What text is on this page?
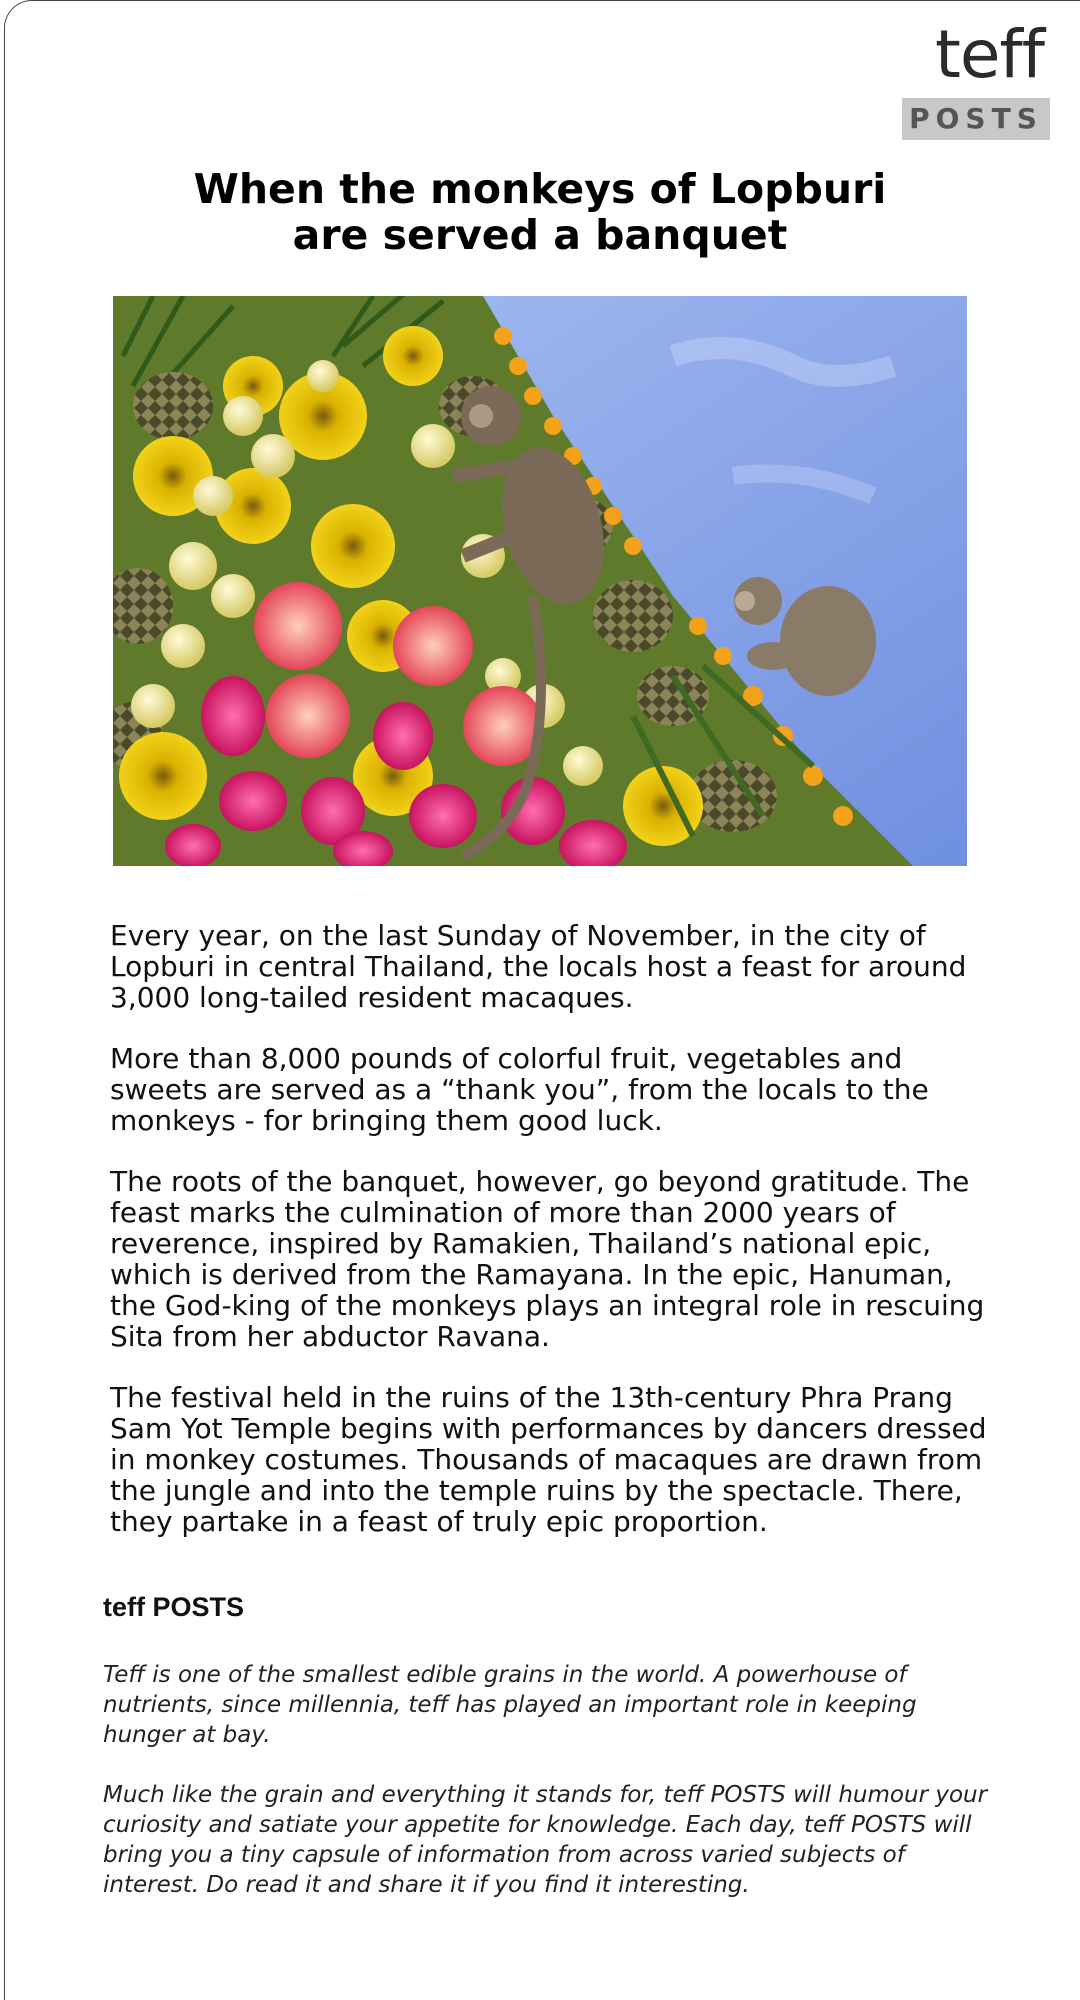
teff
POSTS
When the monkeys of Lopburi
are served a banquet

Every year, on the last Sunday of November, in the city of Lopburi in central Thailand, the locals host a feast for around 3,000 long-tailed resident macaques.

More than 8,000 pounds of colorful fruit, vegetables and sweets are served as a “thank you”, from the locals to the monkeys - for bringing them good luck.

The roots of the banquet, however, go beyond gratitude. The feast marks the culmination of more than 2000 years of reverence, inspired by Ramakien, Thailand’s national epic, which is derived from the Ramayana. In the epic, Hanuman, the God-king of the monkeys plays an integral role in rescuing Sita from her abductor Ravana.

The festival held in the ruins of the 13th-century Phra Prang Sam Yot Temple begins with performances by dancers dressed in monkey costumes. Thousands of macaques are drawn from the jungle and into the temple ruins by the spectacle. There, they partake in a feast of truly epic proportion.

teff POSTS

Teff is one of the smallest edible grains in the world. A powerhouse of nutrients, since millennia, teff has played an important role in keeping hunger at bay.

Much like the grain and everything it stands for, teff POSTS will humour your curiosity and satiate your appetite for knowledge. Each day, teff POSTS will bring you a tiny capsule of information from across varied subjects of interest. Do read it and share it if you find it interesting.
